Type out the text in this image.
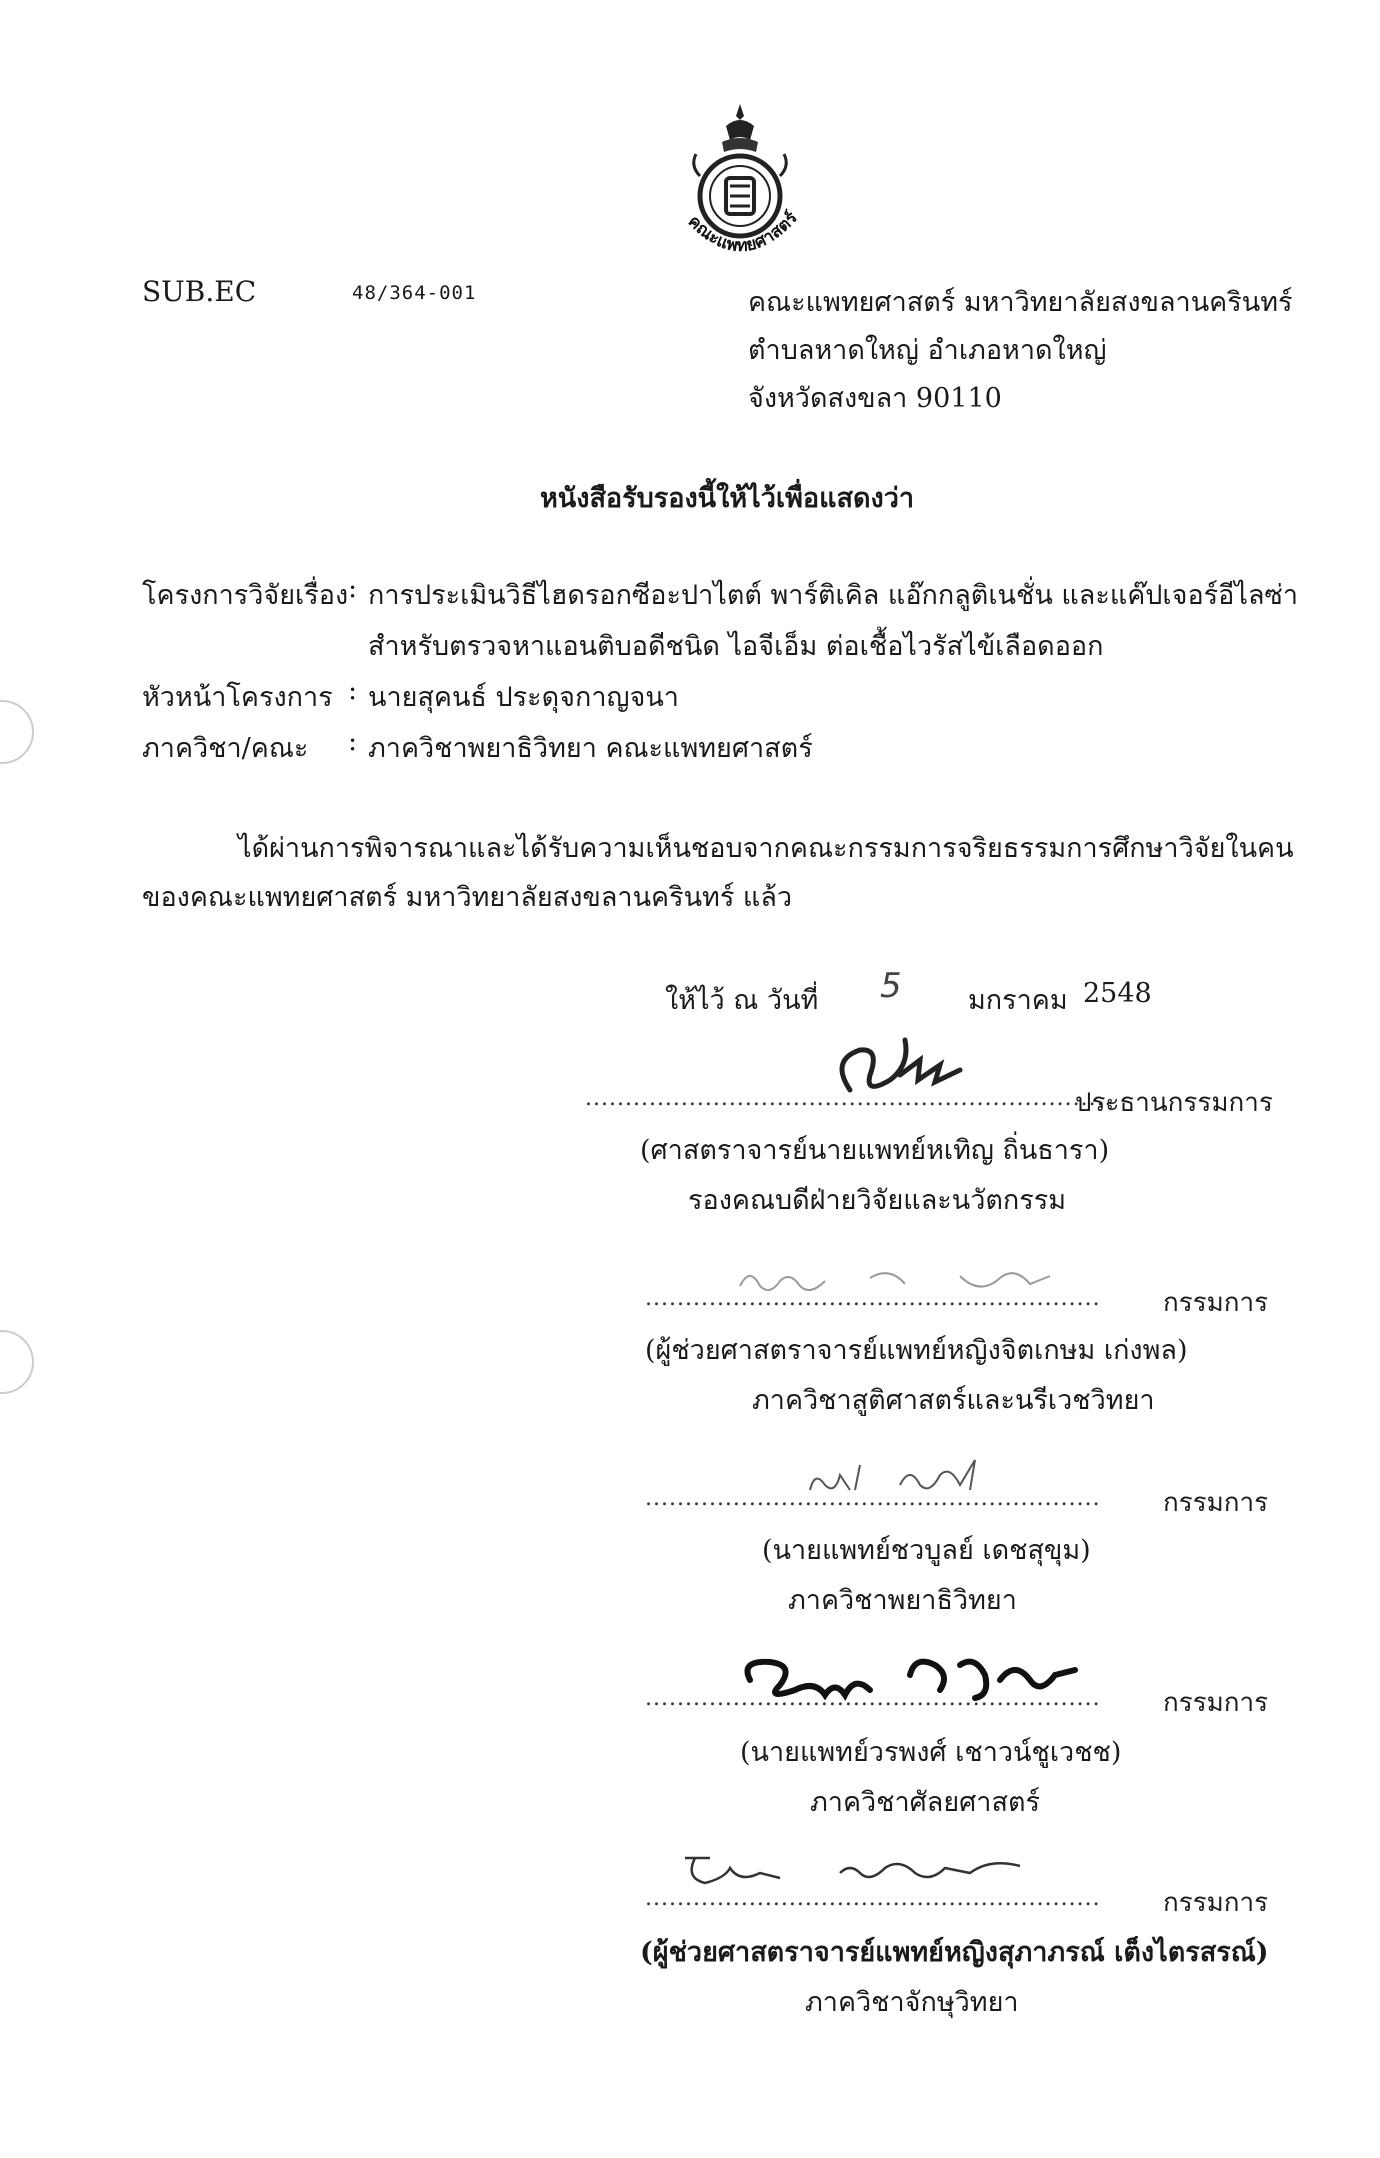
คณะแพทยศาสตร์
SUB.EC	48/364-001	คณะแพทยศาสตร์ มหาวิทยาลัยสงขลานครินทร์
ตำบลหาดใหญ่ อำเภอหาดใหญ่
จังหวัดสงขลา 90110
หนังสือรับรองนี้ให้ไว้เพื่อแสดงว่า
โครงการวิจัยเรื่อง : การประเมินวิธีไฮดรอกซีอะปาไตต์ พาร์ติเคิล แอ๊กกลูติเนชั่น และแค๊ปเจอร์อีไลซ่า
สำหรับตรวจหาแอนติบอดีชนิด ไอจีเอ็ม ต่อเชื้อไวรัสไข้เลือดออก
หัวหน้าโครงการ : นายสุคนธ์ ประดุจกาญจนา
ภาควิชา/คณะ : ภาควิชาพยาธิวิทยา คณะแพทยศาสตร์
ได้ผ่านการพิจารณาและได้รับความเห็นชอบจากคณะกรรมการจริยธรรมการศึกษาวิจัยในคน
ของคณะแพทยศาสตร์ มหาวิทยาลัยสงขลานครินทร์ แล้ว
ให้ไว้ ณ วันที่ 5 มกราคม 2548
..................................................................
ประธานกรรมการ
(ศาสตราจารย์นายแพทย์หเทิญ ถิ่นธารา)
รองคณบดีฝ่ายวิจัยและนวัตกรรม
......................................................... กรรมการ
(ผู้ช่วยศาสตราจารย์แพทย์หญิงจิตเกษม เก่งพล)
ภาควิชาสูติศาสตร์และนรีเวชวิทยา
......................................................... กรรมการ
(นายแพทย์ชวบูลย์ เดชสุขุม)
ภาควิชาพยาธิวิทยา
......................................................... กรรมการ
(นายแพทย์วรพงศ์ เชาวน์ชูเวชช)
ภาควิชาศัลยศาสตร์
......................................................... กรรมการ
(ผู้ช่วยศาสตราจารย์แพทย์หญิงสุภาภรณ์ เต็งไตรสรณ์)
ภาควิชาจักษุวิทยา
